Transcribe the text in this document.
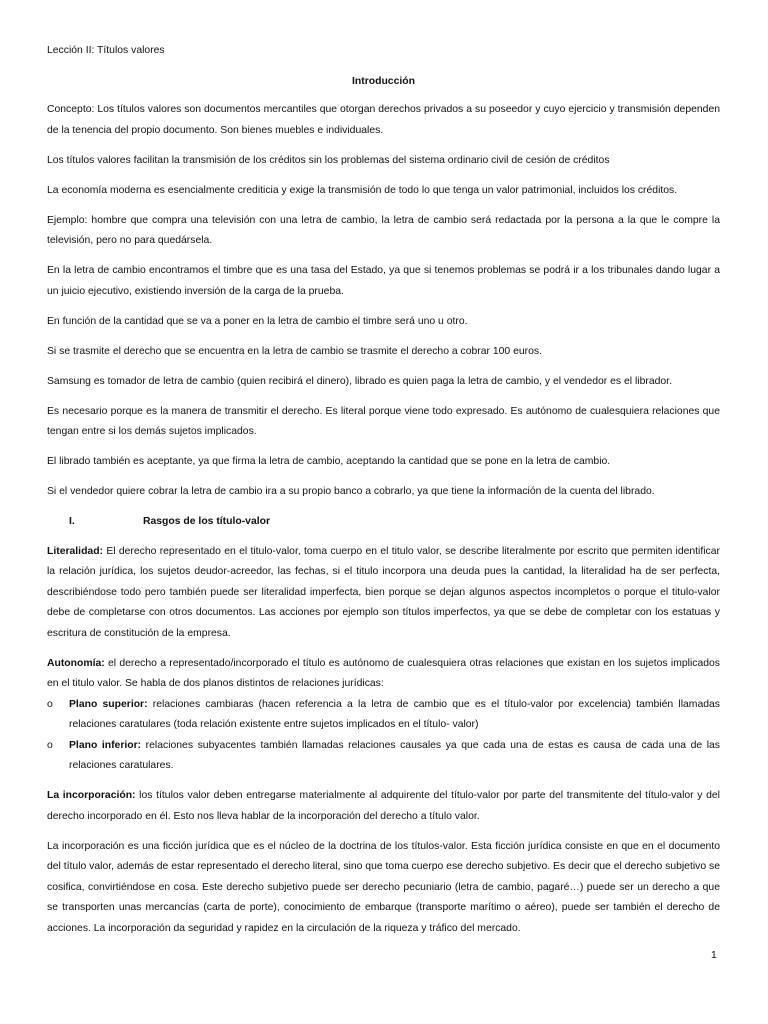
Lección II: Títulos valores
Introducción

Concepto: Los títulos valores son documentos mercantiles que otorgan derechos privados a su poseedor y cuyo ejercicio y transmisión dependen de la tenencia del propio documento. Son bienes muebles e individuales.

Los títulos valores facilitan la transmisión de los créditos sin los problemas del sistema ordinario civil de cesión de créditos

La economía moderna es esencialmente crediticia y exige la transmisión de todo lo que tenga un valor patrimonial, incluidos los créditos.

Ejemplo: hombre que compra una televisión con una letra de cambio, la letra de cambio será redactada por la persona a la que le compre la televisión, pero no para quedársela.

En la letra de cambio encontramos el timbre que es una tasa del Estado, ya que si tenemos problemas se podrá ir a los tribunales dando lugar a un juicio ejecutivo, existiendo inversión de la carga de la prueba.

En función de la cantidad que se va a poner en la letra de cambio el timbre será uno u otro.

Si se trasmite el derecho que se encuentra en la letra de cambio se trasmite el derecho a cobrar 100 euros.

Samsung es tomador de letra de cambio (quien recibirá el dinero), librado es quien paga la letra de cambio, y el vendedor es el librador.

Es necesario porque es la manera de transmitir el derecho. Es literal porque viene todo expresado. Es autónomo de cualesquiera relaciones que tengan entre si los demás sujetos implicados.

El librado también es aceptante, ya que firma la letra de cambio, aceptando la cantidad que se pone en la letra de cambio.

Si el vendedor quiere cobrar la letra de cambio ira a su propio banco a cobrarlo, ya que tiene la información de la cuenta del librado.

I.	Rasgos de los título-valor

Literalidad: El derecho representado en el titulo-valor, toma cuerpo en el titulo valor, se describe literalmente por escrito que permiten identificar la relación jurídica, los sujetos deudor-acreedor, las fechas, si el titulo incorpora una deuda pues la cantidad, la literalidad ha de ser perfecta, describiéndose todo pero también puede ser literalidad imperfecta, bien porque se dejan algunos aspectos incompletos o porque el titulo-valor debe de completarse con otros documentos. Las acciones por ejemplo son títulos imperfectos, ya que se debe de completar con los estatuas y escritura de constitución de la empresa.

Autonomía: el derecho a representado/incorporado el título es autónomo de cualesquiera otras relaciones que existan en los sujetos implicados en el titulo valor. Se habla de dos planos distintos de relaciones jurídicas:

o	Plano superior: relaciones cambiaras (hacen referencia a la letra de cambio que es el título-valor por excelencia) también llamadas relaciones caratulares (toda relación existente entre sujetos implicados en el título- valor)
o	Plano inferior: relaciones subyacentes también llamadas relaciones causales ya que cada una de estas es causa de cada una de las relaciones caratulares.

La incorporación: los títulos valor deben entregarse materialmente al adquirente del título-valor por parte del transmitente del título-valor y del derecho incorporado en él. Esto nos lleva hablar de la incorporación del derecho a título valor.

La incorporación es una ficción jurídica que es el núcleo de la doctrina de los títulos-valor. Esta ficción jurídica consiste en que en el documento del título valor, además de estar representado el derecho literal, sino que toma cuerpo ese derecho subjetivo. Es decir que el derecho subjetivo se cosifica, convirtiéndose en cosa. Este derecho subjetivo puede ser derecho pecuniario (letra de cambio, pagaré…) puede ser un derecho a que se transporten unas mercancías (carta de porte), conocimiento de embarque (transporte marítimo o aéreo), puede ser también el derecho de acciones. La incorporación da seguridad y rapidez en la circulación de la riqueza y tráfico del mercado.

1
